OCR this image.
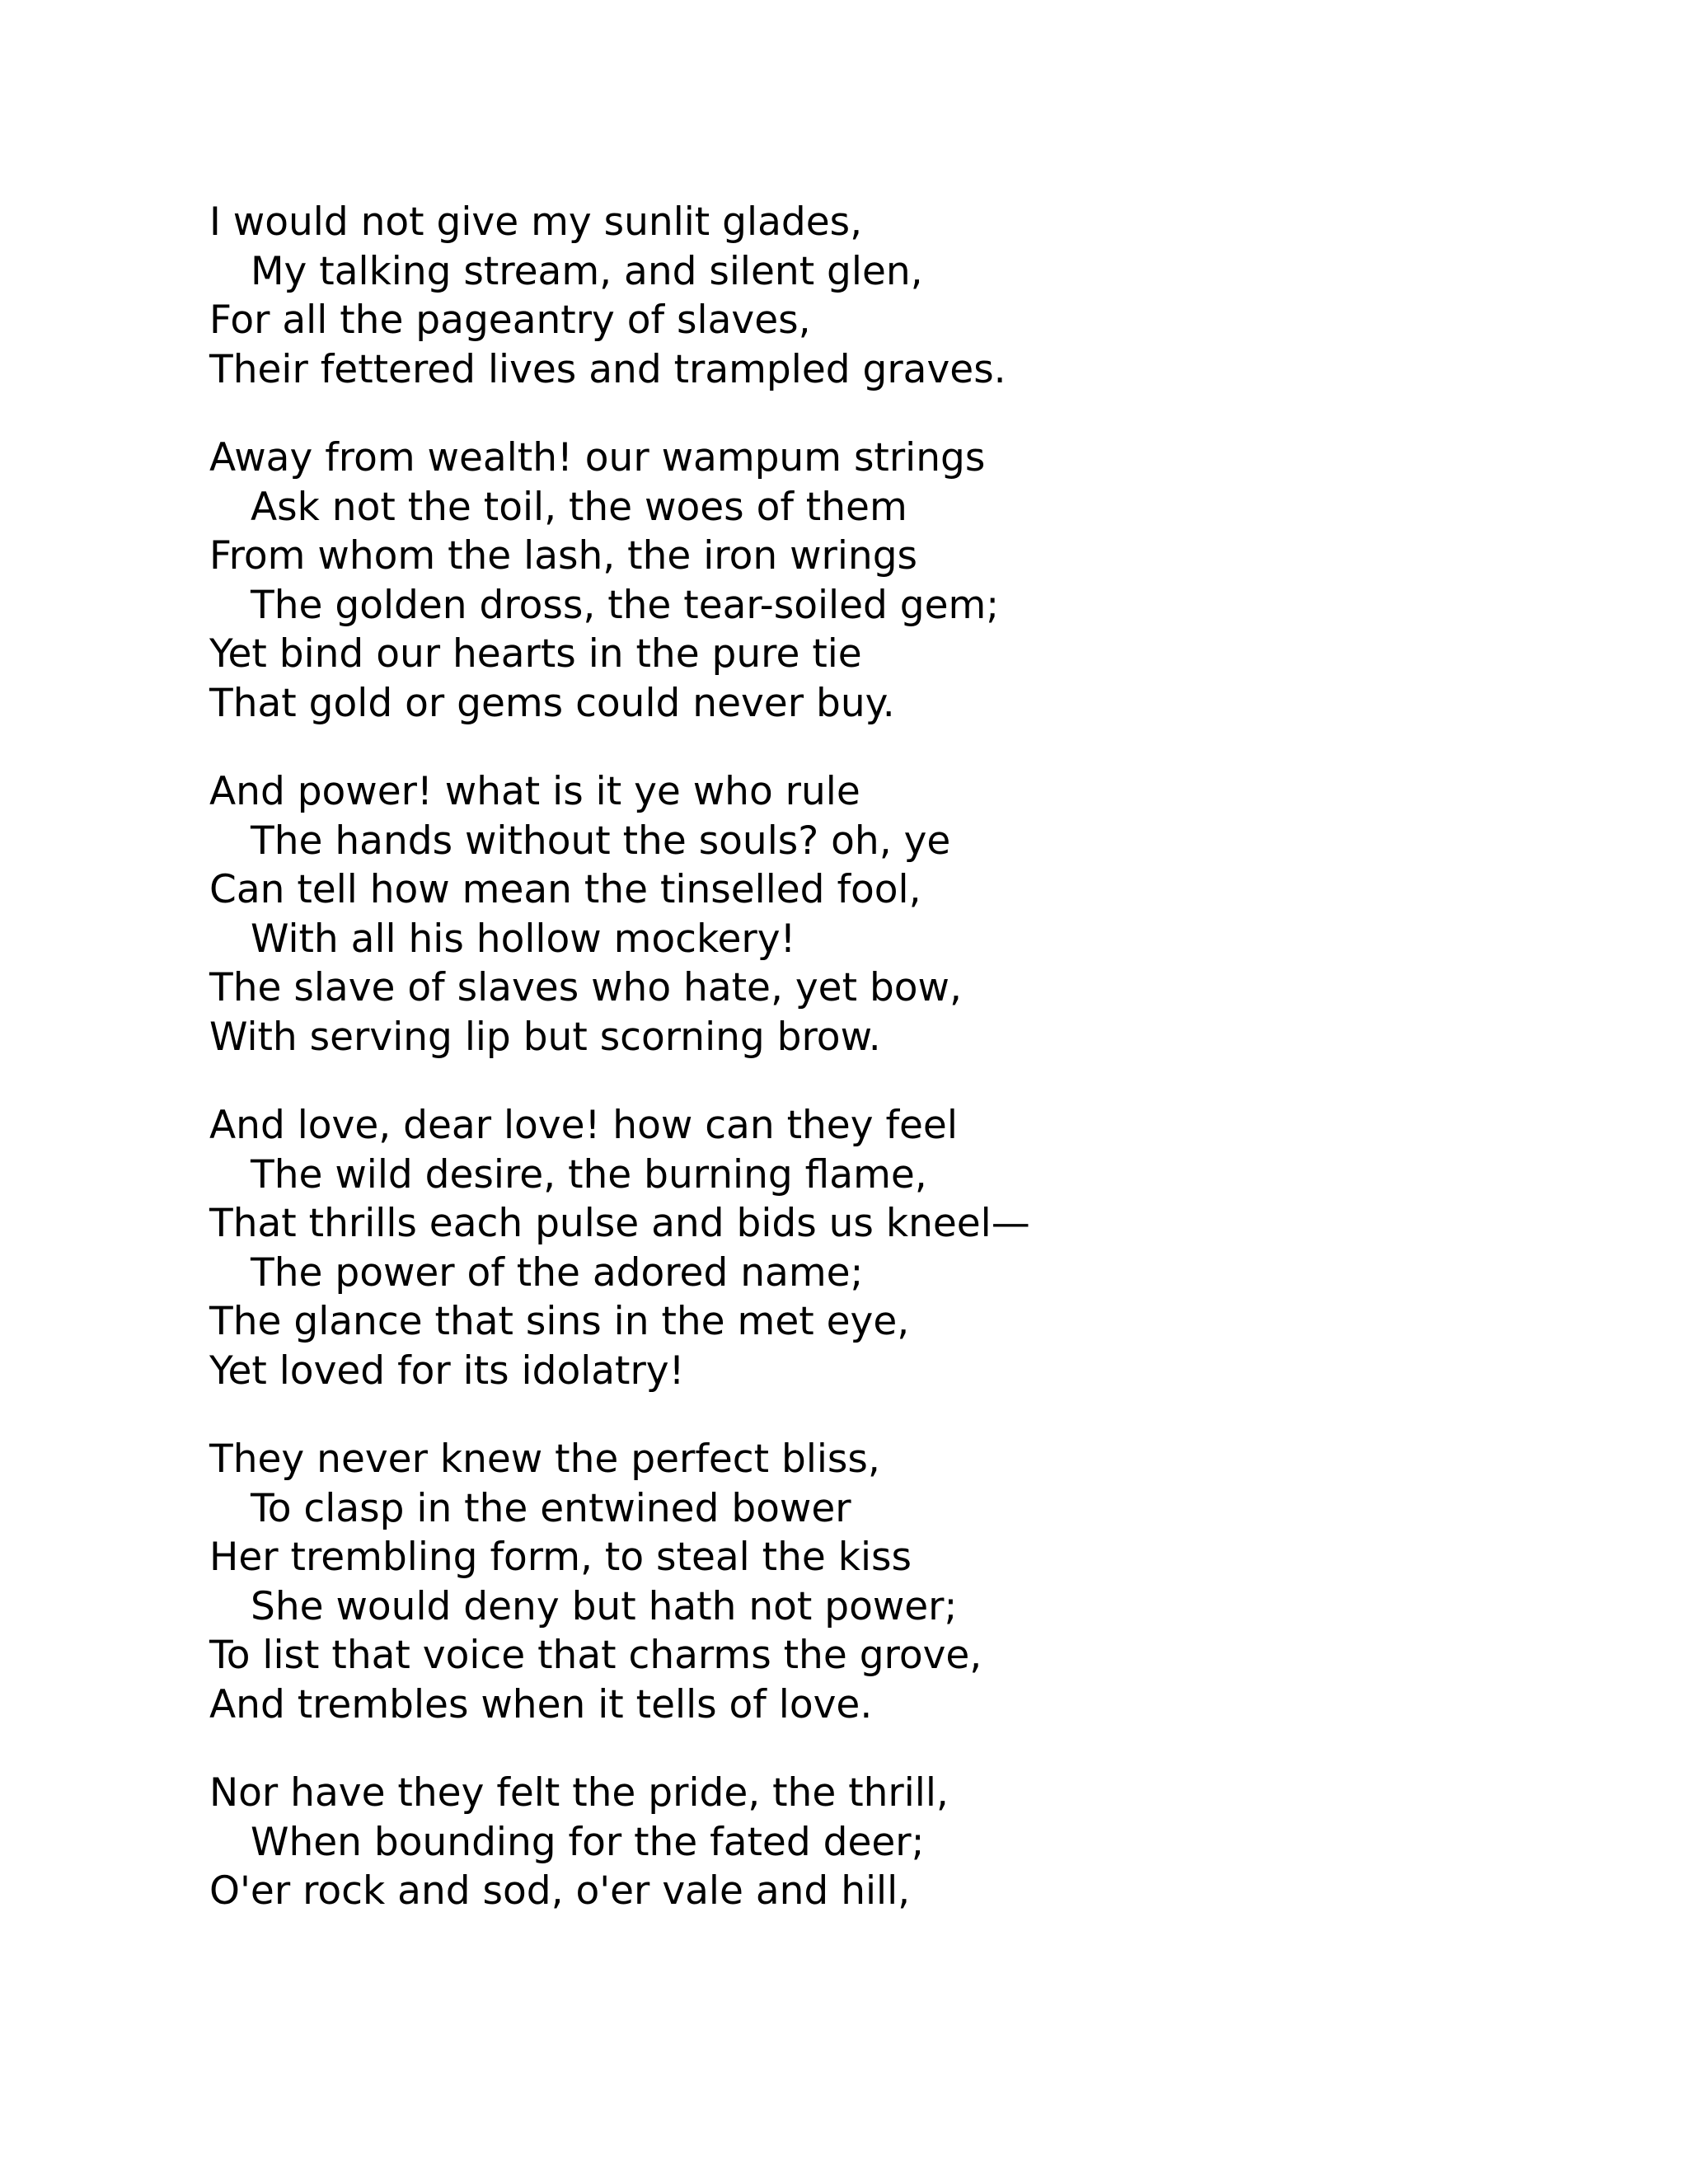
I would not give my sunlit glades,
My talking stream, and silent glen,
For all the pageantry of slaves,
Their fettered lives and trampled graves.
Away from wealth! our wampum strings
Ask not the toil, the woes of them
From whom the lash, the iron wrings
The golden dross, the tear-soiled gem;
Yet bind our hearts in the pure tie
That gold or gems could never buy.
And power! what is it ye who rule
The hands without the souls? oh, ye
Can tell how mean the tinselled fool,
With all his hollow mockery!
The slave of slaves who hate, yet bow,
With serving lip but scorning brow.
And love, dear love! how can they feel
The wild desire, the burning flame,
That thrills each pulse and bids us kneel—
The power of the adored name;
The glance that sins in the met eye,
Yet loved for its idolatry!
They never knew the perfect bliss,
To clasp in the entwined bower
Her trembling form, to steal the kiss
She would deny but hath not power;
To list that voice that charms the grove,
And trembles when it tells of love.
Nor have they felt the pride, the thrill,
When bounding for the fated deer;
O'er rock and sod, o'er vale and hill,
